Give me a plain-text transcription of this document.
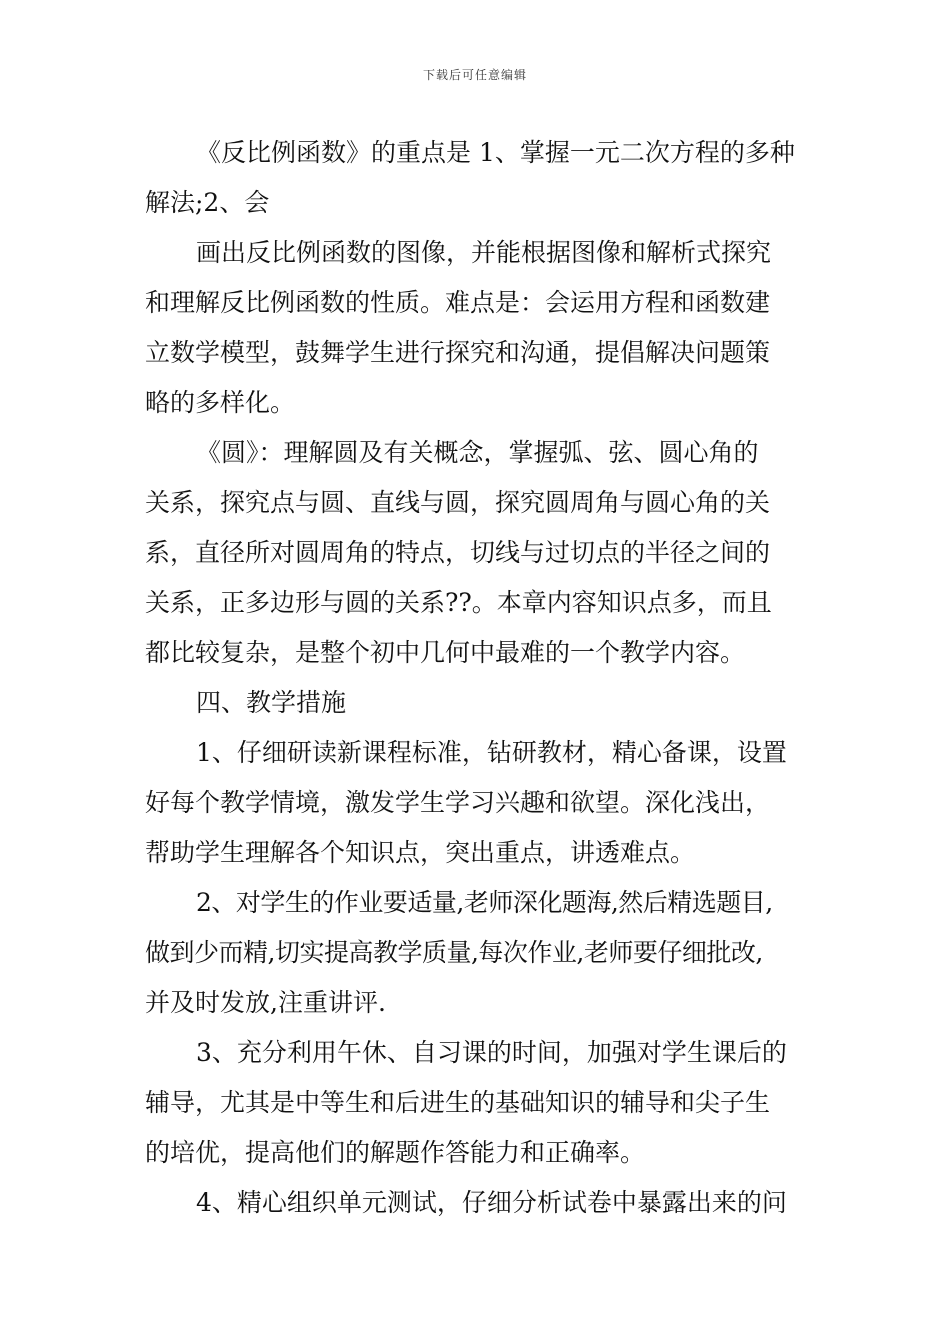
下载后可任意编辑
《反比例函数》的重点是 1、掌握一元二次方程的多种
解法;2、会
画出反比例函数的图像，并能根据图像和解析式探究
和理解反比例函数的性质。难点是：会运用方程和函数建
立数学模型，鼓舞学生进行探究和沟通，提倡解决问题策
略的多样化。
《圆》：理解圆及有关概念，掌握弧、弦、圆心角的
关系，探究点与圆、直线与圆，探究圆周角与圆心角的关
系，直径所对圆周角的特点，切线与过切点的半径之间的
关系，正多边形与圆的关系??。本章内容知识点多，而且
都比较复杂，是整个初中几何中最难的一个教学内容。
四、教学措施
1、仔细研读新课程标准，钻研教材，精心备课，设置
好每个教学情境，激发学生学习兴趣和欲望。深化浅出，
帮助学生理解各个知识点，突出重点，讲透难点。
2、对学生的作业要适量,老师深化题海,然后精选题目,
做到少而精,切实提高教学质量,每次作业,老师要仔细批改,
并及时发放,注重讲评.
3、充分利用午休、自习课的时间，加强对学生课后的
辅导，尤其是中等生和后进生的基础知识的辅导和尖子生
的培优，提高他们的解题作答能力和正确率。
4、精心组织单元测试，仔细分析试卷中暴露出来的问
